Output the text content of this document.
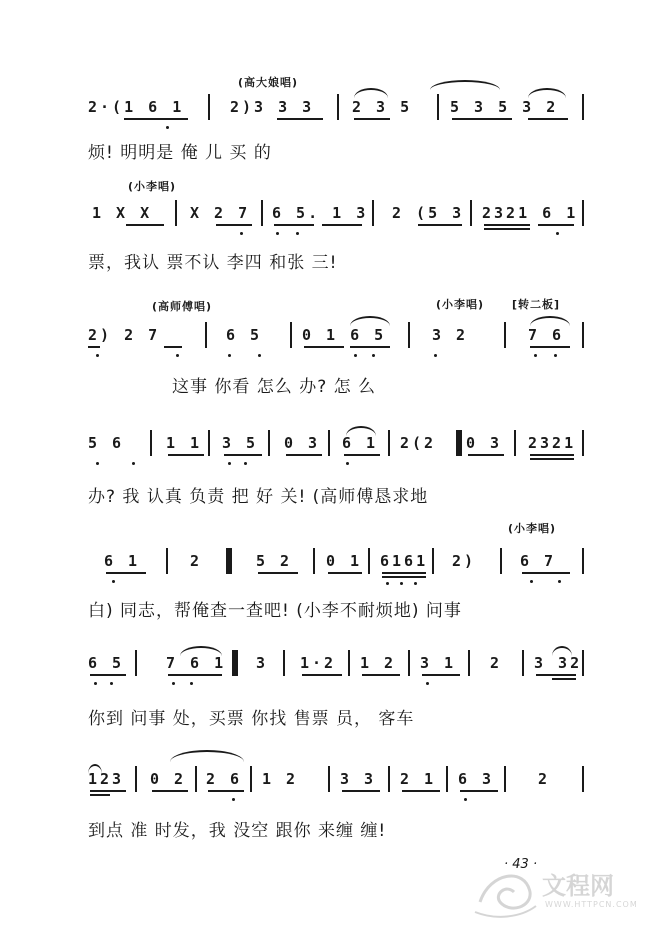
(高大娘唱)
2·(1 6 1	2)3 3 3	2 3 5	5 3 5 3 2
烦! 明明是 俺 儿 买 的
(小李唱)
1 X X	X 2 7 6 5. 1 3 2 (5 3 2321 6 1
票，我认 票不认 李四 和张 三!
(高师傅唱)	(小李唱)	[转二板]
2) 2 7	6 5	0 1 6 5	3 2	7 6
这事 你看 怎么 办? 怎 么
5 6	1 1 3 5 0 3 6 1 2(2 0 3 2321
办? 我 认真 负责 把 好 关! (高师傅恳求地
(小李唱)
6 1	2	5 2 0 1 6161 2)	6 7
白) 同志，帮俺查一查吧! (小李不耐烦地) 问事
6 5	7 6 1 3 1·2 1 2 3 1 2 3 32
你到 问事 处，买票 你找 售票 员， 客车
123 0 2 2 6 1 2	3 3 2 1 6 3	2
到点 准 时发，我 没空 跟你 来缠 缠!
· 43 ·
文程网
WWW.HTTPCN.COM
